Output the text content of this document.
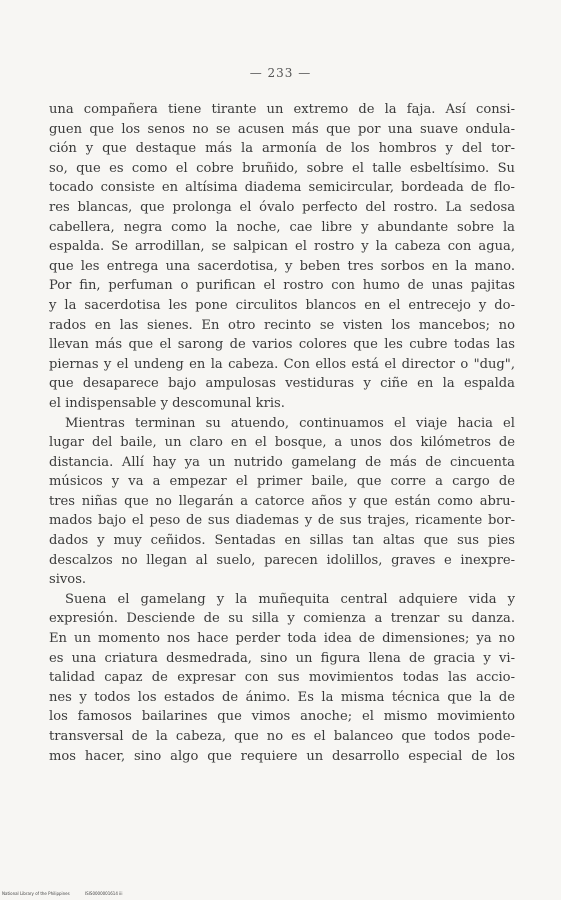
— 233 —
una compañera tiene tirante un extremo de la faja. Así consi-
guen que los senos no se acusen más que por una suave ondula-
ción y que destaque más la armonía de los hombros y del tor-
so, que es como el cobre bruñido, sobre el talle esbeltísimo. Su
tocado consiste en altísima diadema semicircular, bordeada de flo-
res blancas, que prolonga el óvalo perfecto del rostro. La sedosa
cabellera, negra como la noche, cae libre y abundante sobre la
espalda. Se arrodillan, se salpican el rostro y la cabeza con agua,
que les entrega una sacerdotisa, y beben tres sorbos en la mano.
Por fin, perfuman o purifican el rostro con humo de unas pajitas
y la sacerdotisa les pone circulitos blancos en el entrecejo y do-
rados en las sienes. En otro recinto se visten los mancebos; no
llevan más que el sarong de varios colores que les cubre todas las
piernas y el undeng en la cabeza. Con ellos está el director o "dug",
que desaparece bajo ampulosas vestiduras y ciñe en la espalda
el indispensable y descomunal kris.
Mientras terminan su atuendo, continuamos el viaje hacia el
lugar del baile, un claro en el bosque, a unos dos kilómetros de
distancia. Allí hay ya un nutrido gamelang de más de cincuenta
músicos y va a empezar el primer baile, que corre a cargo de
tres niñas que no llegarán a catorce años y que están como abru-
mados bajo el peso de sus diademas y de sus trajes, ricamente bor-
dados y muy ceñidos. Sentadas en sillas tan altas que sus pies
descalzos no llegan al suelo, parecen idolillos, graves e inexpre-
sivos.
Suena el gamelang y la muñequita central adquiere vida y
expresión. Desciende de su silla y comienza a trenzar su danza.
En un momento nos hace perder toda idea de dimensiones; ya no
es una criatura desmedrada, sino un figura llena de gracia y vi-
talidad capaz de expresar con sus movimientos todas las accio-
nes y todos los estados de ánimo. Es la misma técnica que la de
los famosos bailarines que vimos anoche; el mismo movimiento
transversal de la cabeza, que no es el balanceo que todos pode-
mos hacer, sino algo que requiere un desarrollo especial de los
National Library of the Philippines	ISIS0000001614 iii
